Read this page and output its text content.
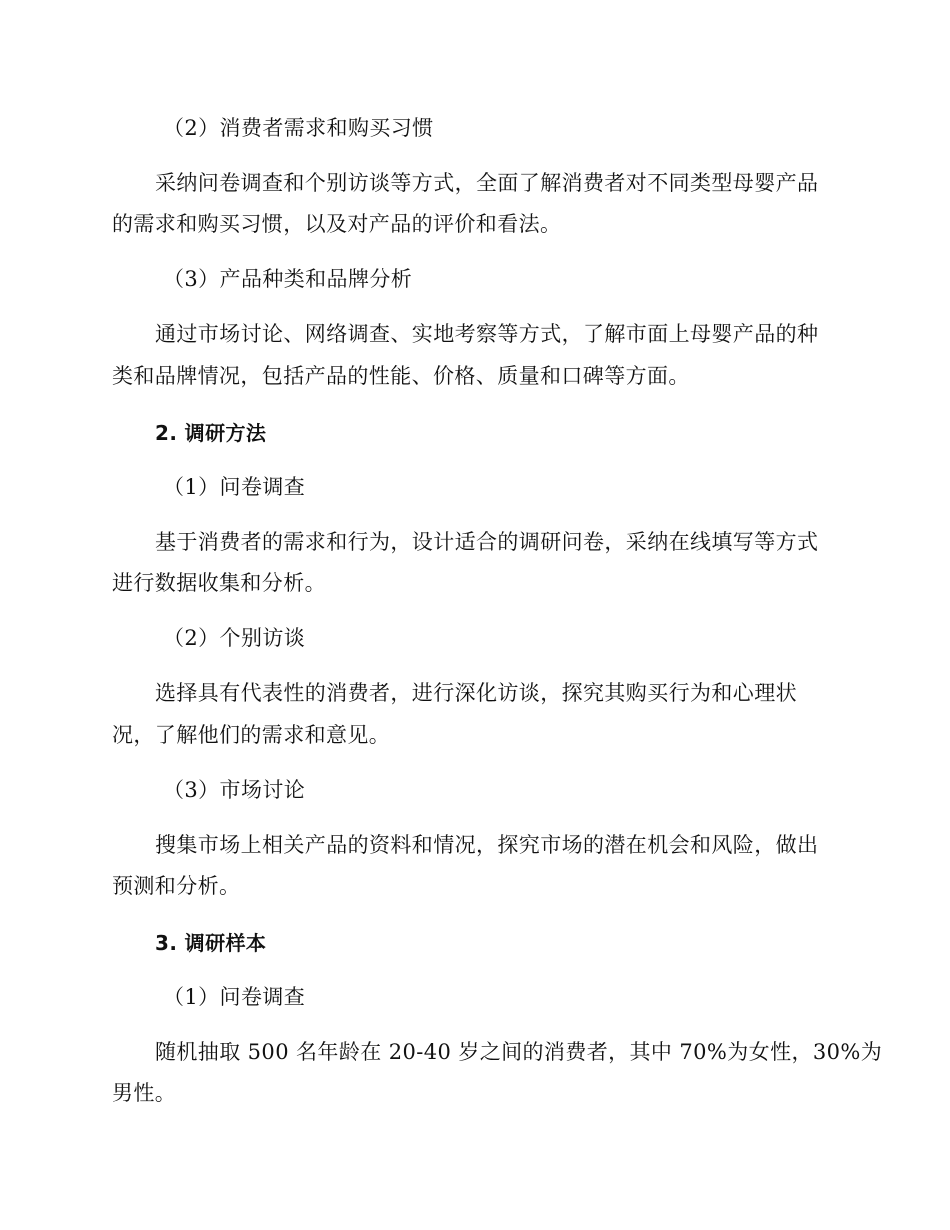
（2）消费者需求和购买习惯
采纳问卷调查和个别访谈等方式，全面了解消费者对不同类型母婴产品
的需求和购买习惯，以及对产品的评价和看法。
（3）产品种类和品牌分析
通过市场讨论、网络调查、实地考察等方式，了解市面上母婴产品的种
类和品牌情况，包括产品的性能、价格、质量和口碑等方面。
2. 调研方法
（1）问卷调查
基于消费者的需求和行为，设计适合的调研问卷，采纳在线填写等方式
进行数据收集和分析。
（2）个别访谈
选择具有代表性的消费者，进行深化访谈，探究其购买行为和心理状
况，了解他们的需求和意见。
（3）市场讨论
搜集市场上相关产品的资料和情况，探究市场的潜在机会和风险，做出
预测和分析。
3. 调研样本
（1）问卷调查
随机抽取 500 名年龄在 20-40 岁之间的消费者，其中 70%为女性，30%为
男性。
